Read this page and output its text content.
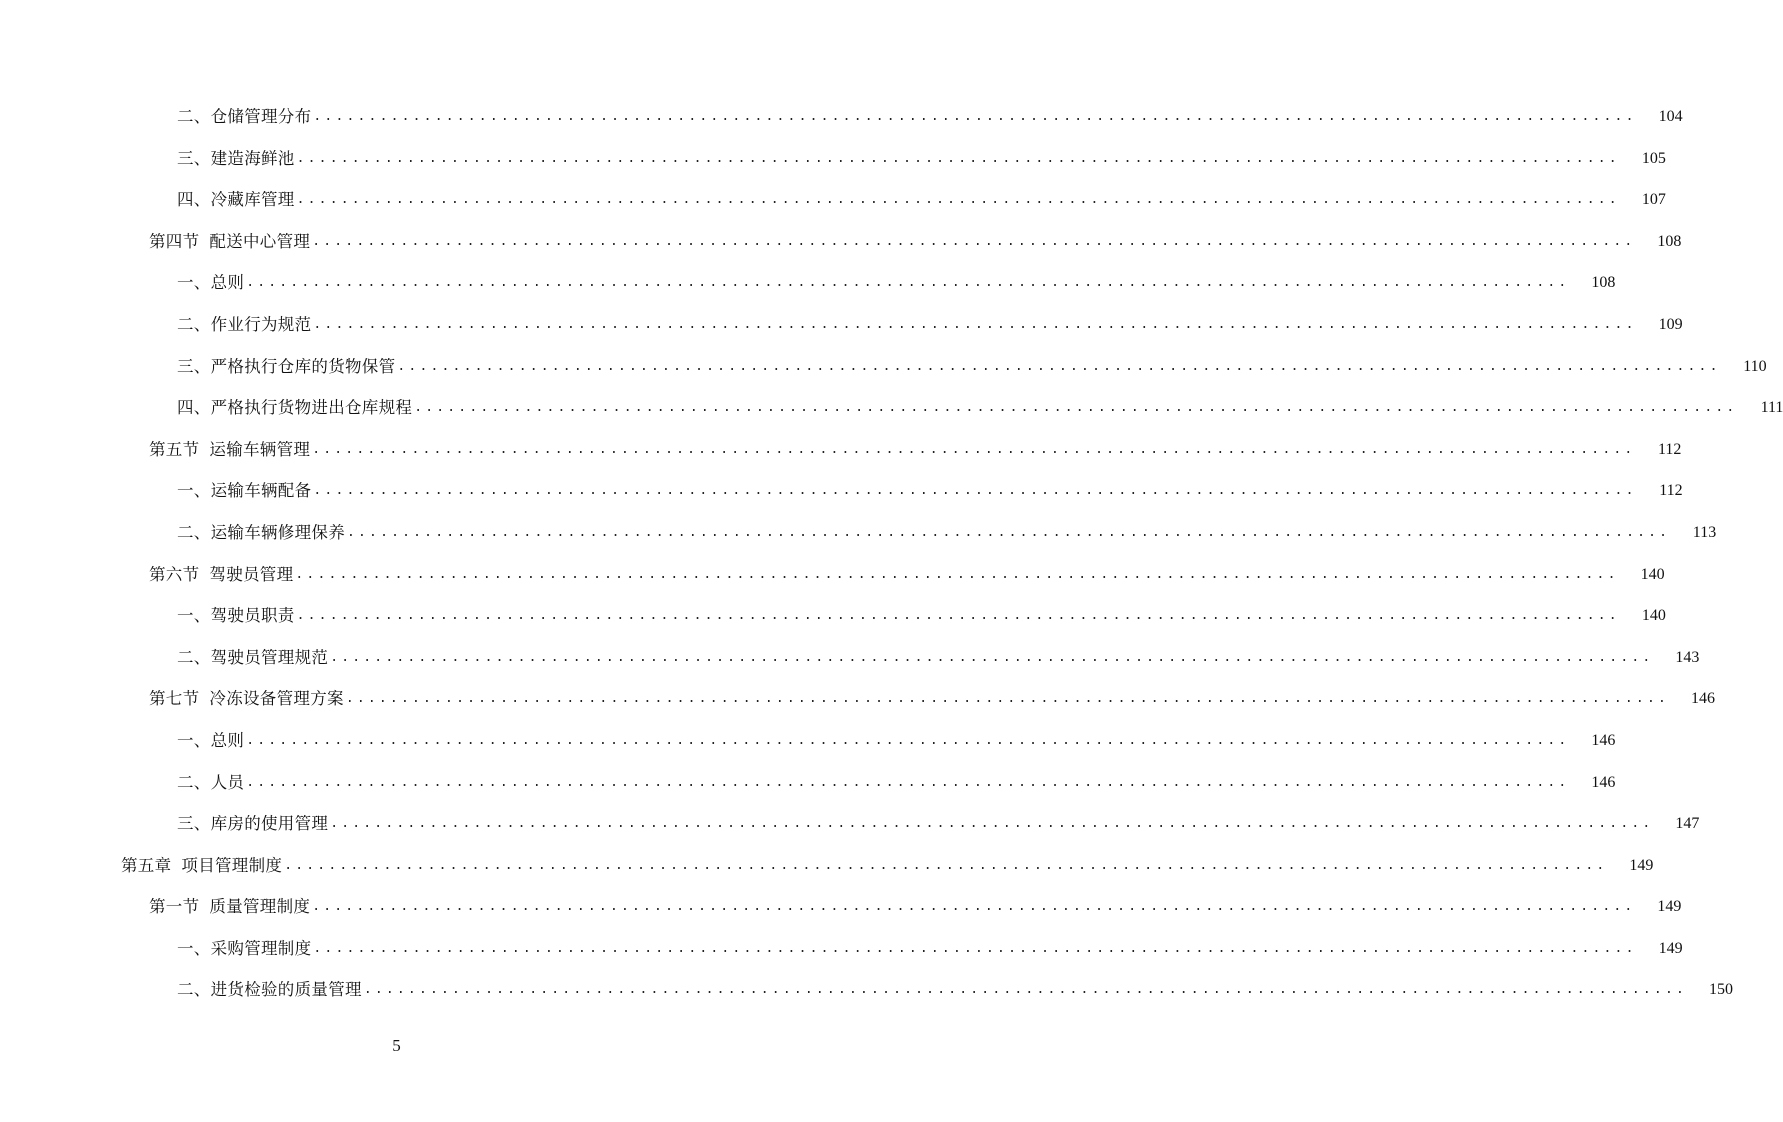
二、仓储管理分布 ........................................................................................................................	104
三、建造海鲜池 ........................................................................................................................	105
四、冷藏库管理 ........................................................................................................................	107
第四节 配送中心管理 ........................................................................................................................	108
一、总则 ........................................................................................................................	108
二、作业行为规范 ........................................................................................................................	109
三、严格执行仓库的货物保管 ........................................................................................................................	110
四、严格执行货物进出仓库规程 ........................................................................................................................	111
第五节 运输车辆管理 ........................................................................................................................	112
一、运输车辆配备 ........................................................................................................................	112
二、运输车辆修理保养 ........................................................................................................................	113
第六节 驾驶员管理 ........................................................................................................................	140
一、驾驶员职责 ........................................................................................................................	140
二、驾驶员管理规范 ........................................................................................................................	143
第七节 冷冻设备管理方案 ........................................................................................................................	146
一、总则 ........................................................................................................................	146
二、人员 ........................................................................................................................	146
三、库房的使用管理 ........................................................................................................................	147
第五章 项目管理制度 ........................................................................................................................	149
第一节 质量管理制度 ........................................................................................................................	149
一、采购管理制度 ........................................................................................................................	149
二、进货检验的质量管理 ........................................................................................................................	150
5
